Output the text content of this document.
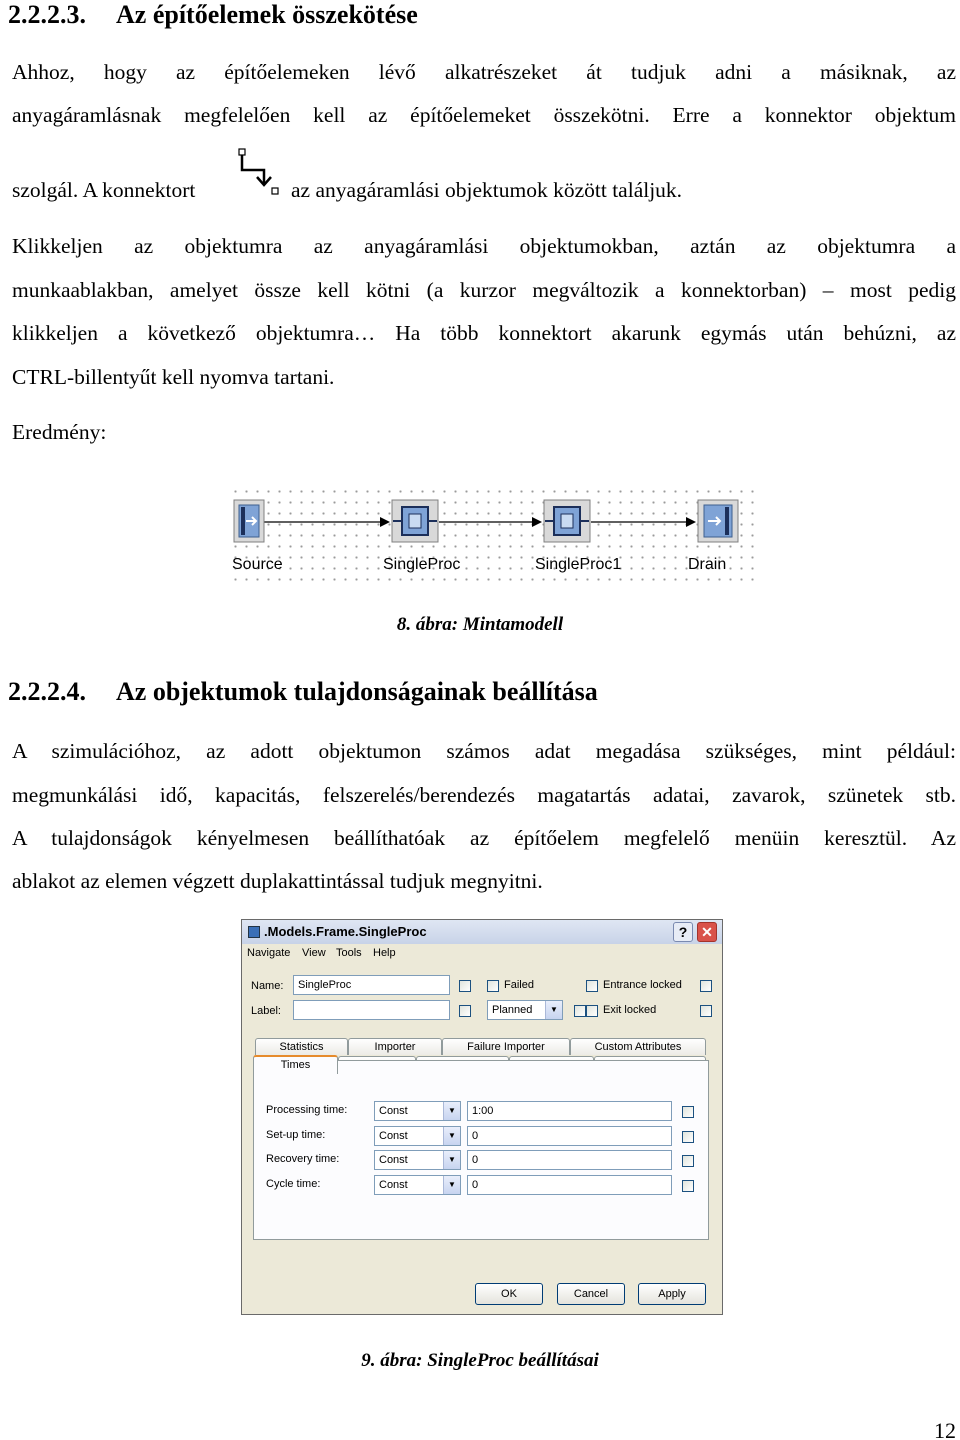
2.2.2.3. Az építőelemek összekötése
Ahhoz, hogy az építőelemeken lévő alkatrészeket át tudjuk adni a másiknak, az
anyagáramlásnak megfelelően kell az építőelemeket összekötni. Erre a konnektor objektum
szolgál. A konnektort	az anyagáramlási objektumok között találjuk.
Klikkeljen az objektumra az anyagáramlási objektumokban, aztán az objektumra a
munkaablakban, amelyet össze kell kötni (a kurzor megváltozik a konnektorban) – most pedig
klikkeljen a következő objektumra… Ha több konnektort akarunk egymás után behúzni, az
CTRL-billentyűt kell nyomva tartani.
Eredmény:
Source	SingleProc	SingleProc1	Drain
8. ábra: Mintamodell
2.2.2.4. Az objektumok tulajdonságainak beállítása
A szimulációhoz, az adott objektumon számos adat megadása szükséges, mint például:
megmunkálási idő, kapacitás, felszerelés/berendezés magatartás adatai, zavarok, szünetek stb.
A tulajdonságok kényelmesen beállíthatóak az építőelem megfelelő menüin keresztül. Az
ablakot az elemen végzett duplakattintással tudjuk megnyitni.
.Models.Frame.SingleProc	? ✕
Navigate View Tools Help
Name:	SingleProc
Label:
Failed
Planned	▼
Entrance locked
Exit locked
Statistics	Importer	Failure Importer	Custom Attributes
Times
Processing time:	Const	▼	1:00
Set-up time:	Const	▼	0
Recovery time:	Const	▼	0
Cycle time:	Const	▼	0
OK	Cancel	Apply
9. ábra: SingleProc beállításai
12
